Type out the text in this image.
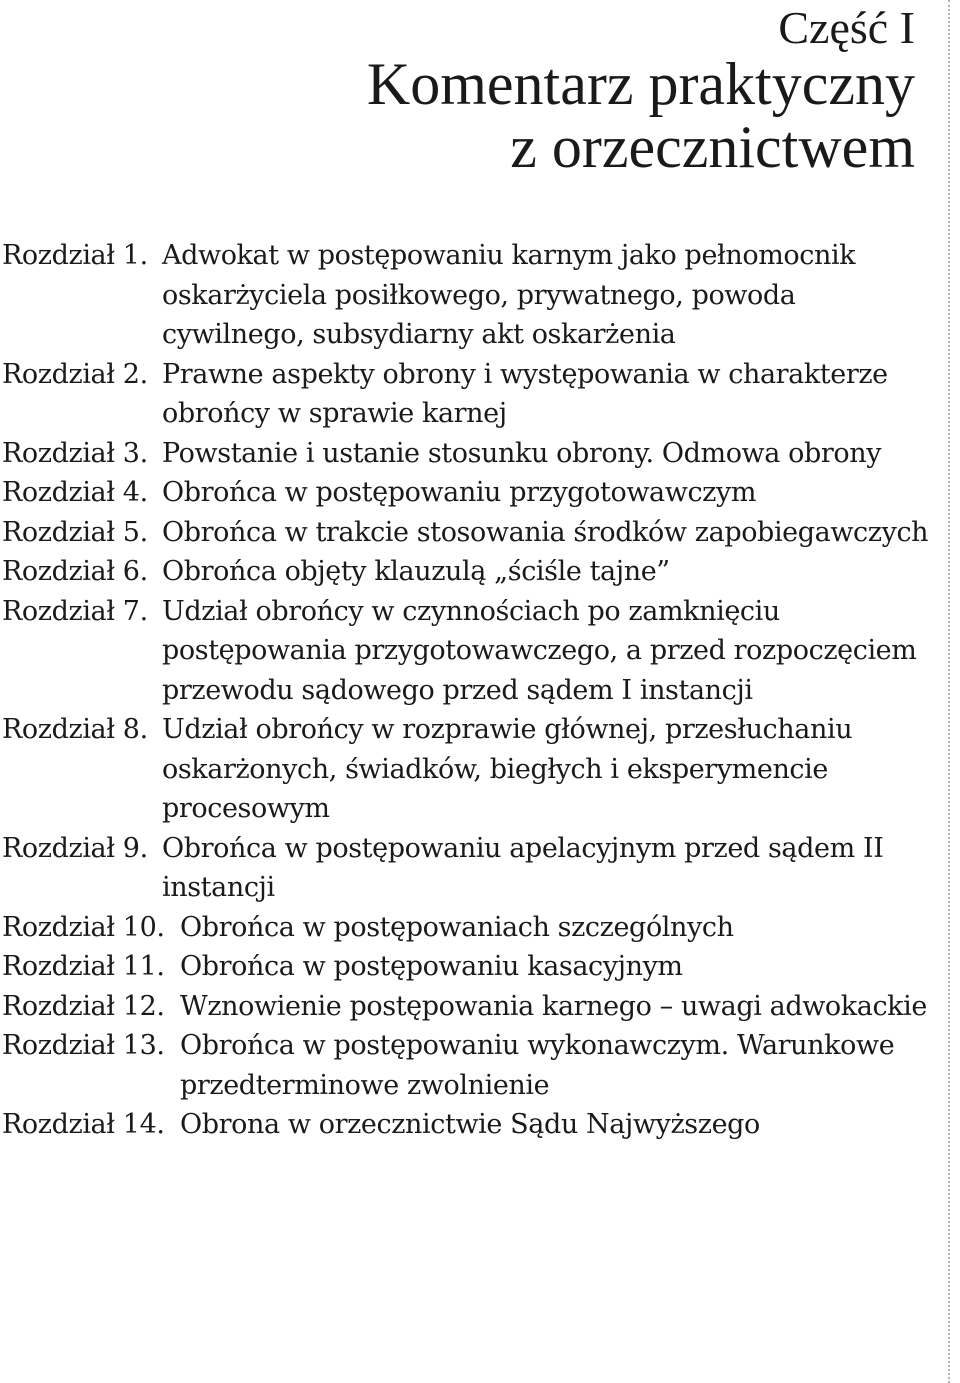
Część I
Komentarz praktyczny
z orzecznictwem
Rozdział 1. Adwokat w postępowaniu karnym jako pełnomocnik oskarżyciela posiłkowego, prywatnego, powoda cywilnego, subsydiarny akt oskarżenia
Rozdział 2. Prawne aspekty obrony i występowania w charakterze obrońcy w sprawie karnej
Rozdział 3. Powstanie i ustanie stosunku obrony. Odmowa obrony
Rozdział 4. Obrońca w postępowaniu przygotowawczym
Rozdział 5. Obrońca w trakcie stosowania środków zapobiegawczych
Rozdział 6. Obrońca objęty klauzulą „ściśle tajne”
Rozdział 7. Udział obrońcy w czynnościach po zamknięciu postępowania przygotowawczego, a przed rozpoczęciem przewodu sądowego przed sądem I instancji
Rozdział 8. Udział obrońcy w rozprawie głównej, przesłuchaniu oskarżonych, świadków, biegłych i eksperymencie procesowym
Rozdział 9. Obrońca w postępowaniu apelacyjnym przed sądem II instancji
Rozdział 10. Obrońca w postępowaniach szczególnych
Rozdział 11. Obrońca w postępowaniu kasacyjnym
Rozdział 12. Wznowienie postępowania karnego – uwagi adwokackie
Rozdział 13. Obrońca w postępowaniu wykonawczym. Warunkowe przedterminowe zwolnienie
Rozdział 14. Obrona w orzecznictwie Sądu Najwyższego
